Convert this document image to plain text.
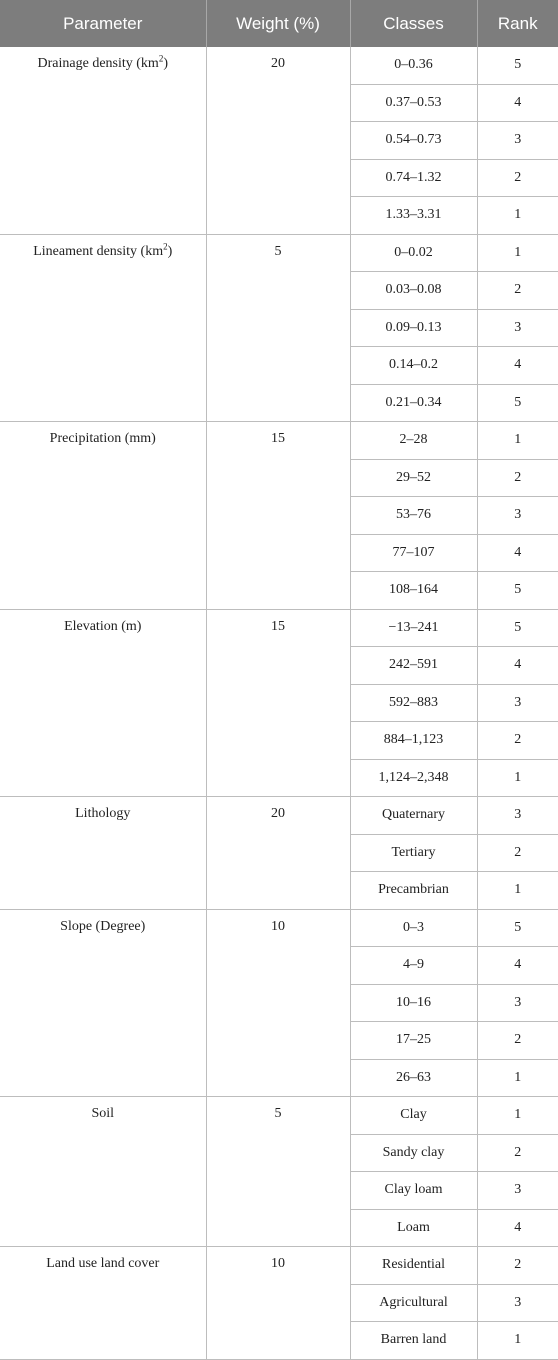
Parameter	Weight (%)	Classes	Rank
Drainage density $(km^2)$	20	0–0.36	5
		0.37–0.53	4
		0.54–0.73	3
		0.74–1.32	2
		1.33–3.31	1
Lineament density $(km^2)$	5	0–0.02	1
		0.03–0.08	2
		0.09–0.13	3
		0.14–0.2	4
		0.21–0.34	5
Precipitation (mm)	15	2–28	1
		29–52	2
		53–76	3
		77–107	4
		108–164	5
Elevation (m)	15	−13–241	5
		242–591	4
		592–883	3
		884–1,123	2
		1,124–2,348	1
Lithology	20	Quaternary	3
		Tertiary	2
		Precambrian	1
Slope (Degree)	10	0–3	5
		4–9	4
		10–16	3
		17–25	2
		26–63	1
Soil	5	Clay	1
		Sandy clay	2
		Clay loam	3
		Loam	4
Land use land cover	10	Residential	2
		Agricultural	3
		Barren land	1
